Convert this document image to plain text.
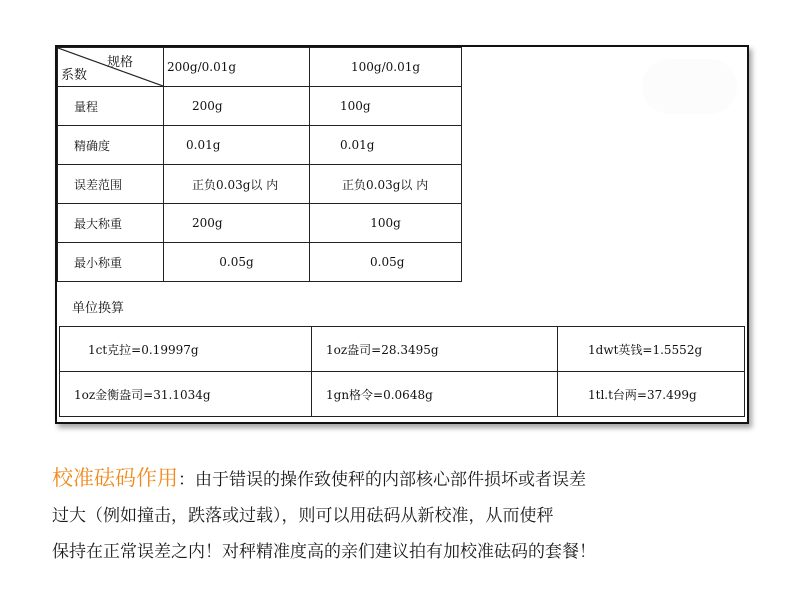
规格
系数	200g/0.01g	100g/0.01g
量程	200g	100g
精确度	0.01g	0.01g
误差范围	正负0.03g以 内	正负0.03g以 内
最大称重	200g	100g
最小称重	0.05g	0.05g
单位换算
1ct克拉=0.19997g	1oz盎司=28.3495g	1dwt英钱=1.5552g
1oz金衡盎司=31.1034g	1gn格令=0.0648g	1tl.t台两=37.499g
校准砝码作用：由于错误的操作致使秤的内部核心部件损坏或者误差
过大（例如撞击，跌落或过载），则可以用砝码从新校准，从而使秤
保持在正常误差之内！对秤精准度高的亲们建议拍有加校准砝码的套餐！
